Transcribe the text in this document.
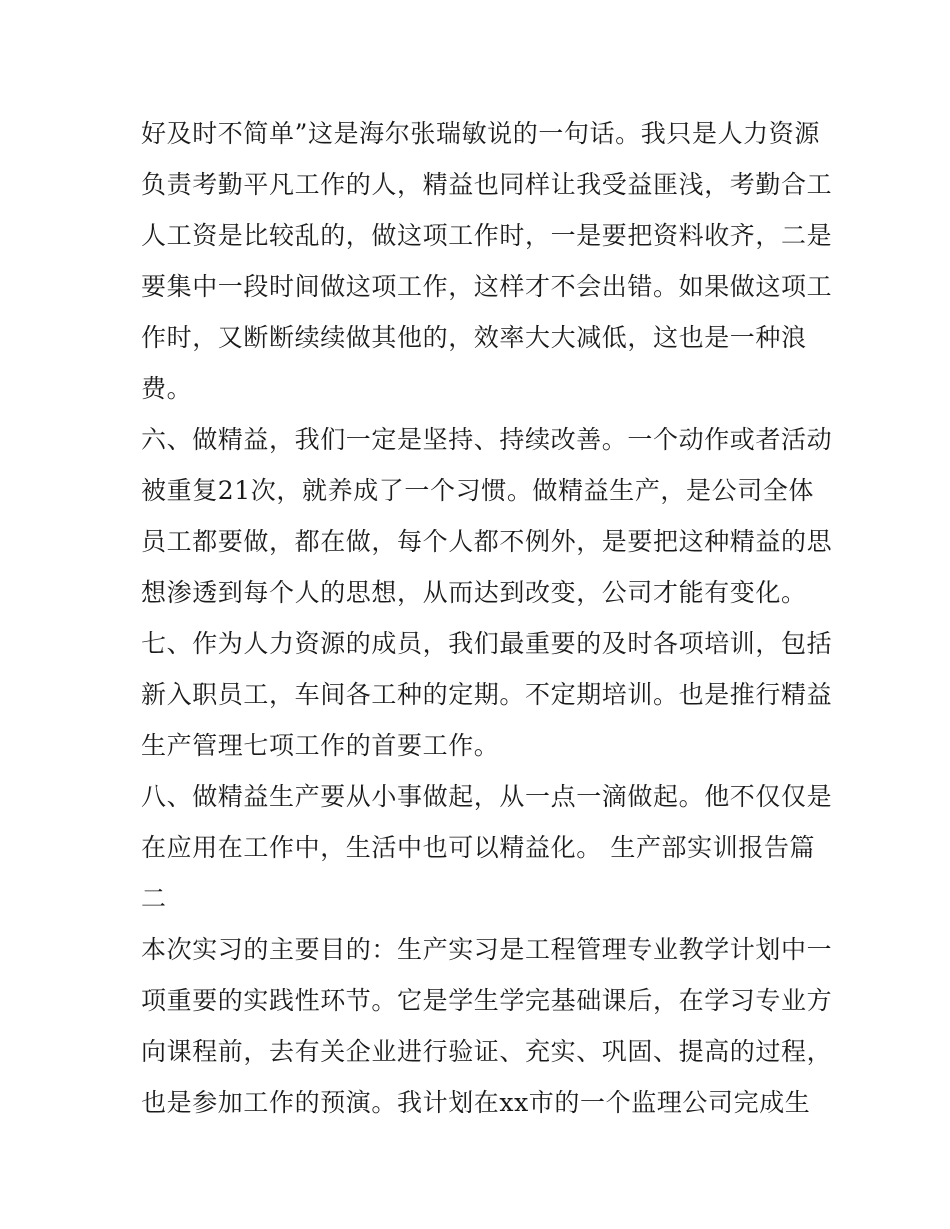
好及时不简单”这是海尔张瑞敏说的一句话。我只是人力资源
负责考勤平凡工作的人，精益也同样让我受益匪浅，考勤合工
人工资是比较乱的，做这项工作时，一是要把资料收齐，二是
要集中一段时间做这项工作，这样才不会出错。如果做这项工
作时，又断断续续做其他的，效率大大减低，这也是一种浪
费。
六、做精益，我们一定是坚持、持续改善。一个动作或者活动
被重复21次，就养成了一个习惯。做精益生产，是公司全体
员工都要做，都在做，每个人都不例外，是要把这种精益的思
想渗透到每个人的思想，从而达到改变，公司才能有变化。
七、作为人力资源的成员，我们最重要的及时各项培训，包括
新入职员工，车间各工种的定期。不定期培训。也是推行精益
生产管理七项工作的首要工作。
八、做精益生产要从小事做起，从一点一滴做起。他不仅仅是
在应用在工作中，生活中也可以精益化。 生产部实训报告篇
二
本次实习的主要目的：生产实习是工程管理专业教学计划中一
项重要的实践性环节。它是学生学完基础课后，在学习专业方
向课程前，去有关企业进行验证、充实、巩固、提高的过程，
也是参加工作的预演。我计划在xx市的一个监理公司完成生
